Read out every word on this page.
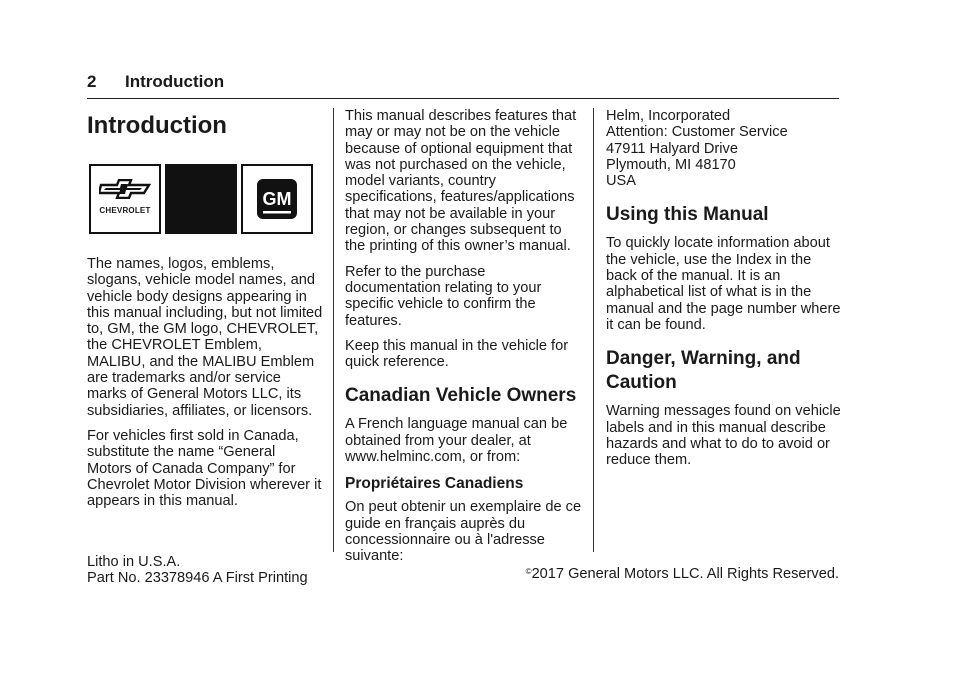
2 Introduction
Introduction
CHEVROLET
GM

The names, logos, emblems, slogans, vehicle model names, and vehicle body designs appearing in this manual including, but not limited to, GM, the GM logo, CHEVROLET, the CHEVROLET Emblem, MALIBU, and the MALIBU Emblem are trademarks and/or service marks of General Motors LLC, its subsidiaries, affiliates, or licensors.

For vehicles first sold in Canada, substitute the name “General Motors of Canada Company” for Chevrolet Motor Division wherever it appears in this manual.

This manual describes features that may or may not be on the vehicle because of optional equipment that was not purchased on the vehicle, model variants, country specifications, features/applications that may not be available in your region, or changes subsequent to the printing of this owner’s manual.

Refer to the purchase documentation relating to your specific vehicle to confirm the features.

Keep this manual in the vehicle for quick reference.

Canadian Vehicle Owners

A French language manual can be obtained from your dealer, at www.helminc.com, or from:

Propriétaires Canadiens

On peut obtenir un exemplaire de ce guide en français auprès du concessionnaire ou à l'adresse suivante:

Helm, Incorporated

Attention: Customer Service

47911 Halyard Drive

Plymouth, MI 48170

USA

Using this Manual

To quickly locate information about the vehicle, use the Index in the back of the manual. It is an alphabetical list of what is in the manual and the page number where it can be found.

Danger, Warning, and Caution

Warning messages found on vehicle labels and in this manual describe hazards and what to do to avoid or reduce them.

Litho in U.S.A.
Part No. 23378946 A First Printing	©2017 General Motors LLC. All Rights Reserved.
